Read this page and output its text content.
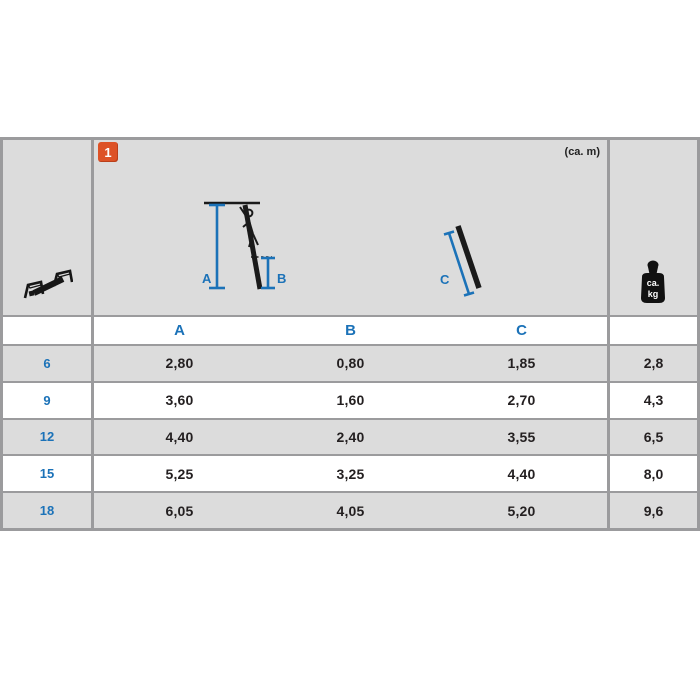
1	(ca. m)
A	B	C	ca.
kg
A	B	C
6	2,80	0,80	1,85	2,8
9	3,60	1,60	2,70	4,3
12	4,40	2,40	3,55	6,5
15	5,25	3,25	4,40	8,0
18	6,05	4,05	5,20	9,6
